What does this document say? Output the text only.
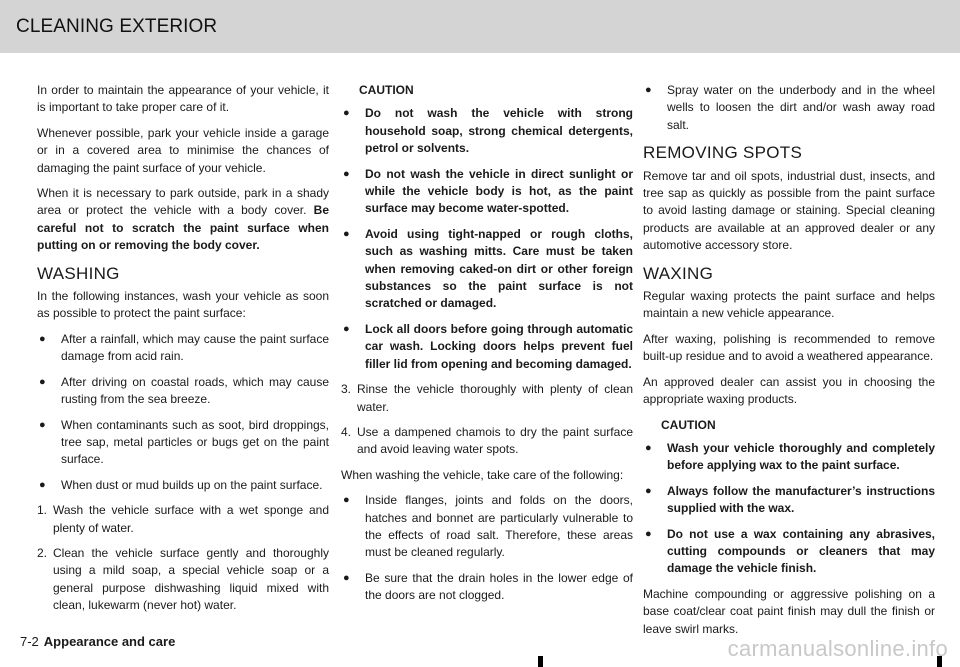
CLEANING EXTERIOR

In order to maintain the appearance of your vehicle, it is important to take proper care of it.

Whenever possible, park your vehicle inside a garage or in a covered area to minimise the chances of damaging the paint surface of your vehicle.

When it is necessary to park outside, park in a shady area or protect the vehicle with a body cover. Be careful not to scratch the paint surface when putting on or removing the body cover.

WASHING

In the following instances, wash your vehicle as soon as possible to protect the paint surface:

●	After a rainfall, which may cause the paint surface damage from acid rain.
●	After driving on coastal roads, which may cause rusting from the sea breeze.
●	When contaminants such as soot, bird droppings, tree sap, metal particles or bugs get on the paint surface.
●	When dust or mud builds up on the paint surface.
1. Wash the vehicle surface with a wet sponge and plenty of water.
2. Clean the vehicle surface gently and thoroughly using a mild soap, a special vehicle soap or a general purpose dishwashing liquid mixed with clean, lukewarm (never hot) water.

CAUTION

●	Do not wash the vehicle with strong household soap, strong chemical detergents, petrol or solvents.
●	Do not wash the vehicle in direct sunlight or while the vehicle body is hot, as the paint surface may become water-spotted.
●	Avoid using tight-napped or rough cloths, such as washing mitts. Care must be taken when removing caked-on dirt or other foreign substances so the paint surface is not scratched or damaged.
●	Lock all doors before going through automatic car wash. Locking doors helps prevent fuel filler lid from opening and becoming damaged.
3. Rinse the vehicle thoroughly with plenty of clean water.
4. Use a dampened chamois to dry the paint surface and avoid leaving water spots.

When washing the vehicle, take care of the following:

●	Inside flanges, joints and folds on the doors, hatches and bonnet are particularly vulnerable to the effects of road salt. Therefore, these areas must be cleaned regularly.
●	Be sure that the drain holes in the lower edge of the doors are not clogged.
●	Spray water on the underbody and in the wheel wells to loosen the dirt and/or wash away road salt.
REMOVING SPOTS

Remove tar and oil spots, industrial dust, insects, and tree sap as quickly as possible from the paint surface to avoid lasting damage or staining. Special cleaning products are available at an approved dealer or any automotive accessory store.

WAXING

Regular waxing protects the paint surface and helps maintain a new vehicle appearance.

After waxing, polishing is recommended to remove built-up residue and to avoid a weathered appearance.

An approved dealer can assist you in choosing the appropriate waxing products.

CAUTION

●	Wash your vehicle thoroughly and completely before applying wax to the paint surface.
●	Always follow the manufacturer’s instructions supplied with the wax.
●	Do not use a wax containing any abrasives, cutting compounds or cleaners that may damage the vehicle finish.

Machine compounding or aggressive polishing on a base coat/clear coat paint finish may dull the finish or leave swirl marks.

7-2 Appearance and care	carmanualsonline.info
